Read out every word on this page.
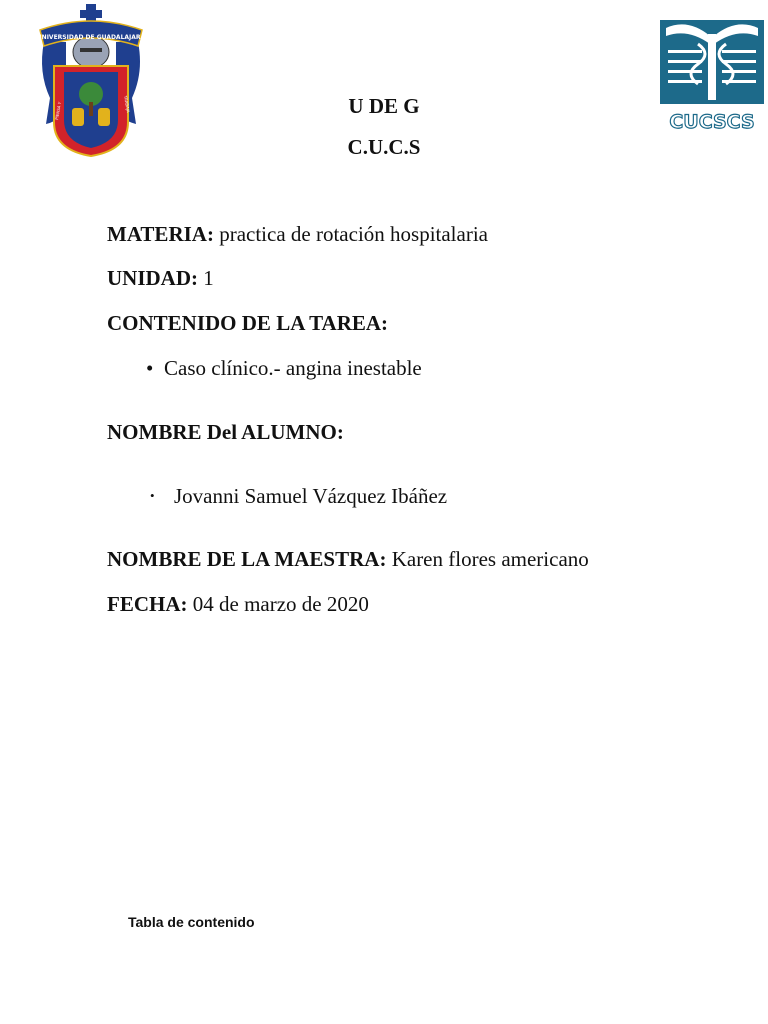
UNIVERSIDAD DE GUADALAJARA
PIENSA Y	TRABAJA
CUCSCS
U DE G
C.U.C.S
MATERIA: practica de rotación hospitalaria
UNIDAD: 1
CONTENIDO DE LA TAREA:
• Caso clínico.- angina inestable
NOMBRE Del ALUMNO:
• Jovanni Samuel Vázquez Ibáñez
NOMBRE DE LA MAESTRA: Karen flores americano
FECHA: 04 de marzo de 2020
Tabla de contenido
